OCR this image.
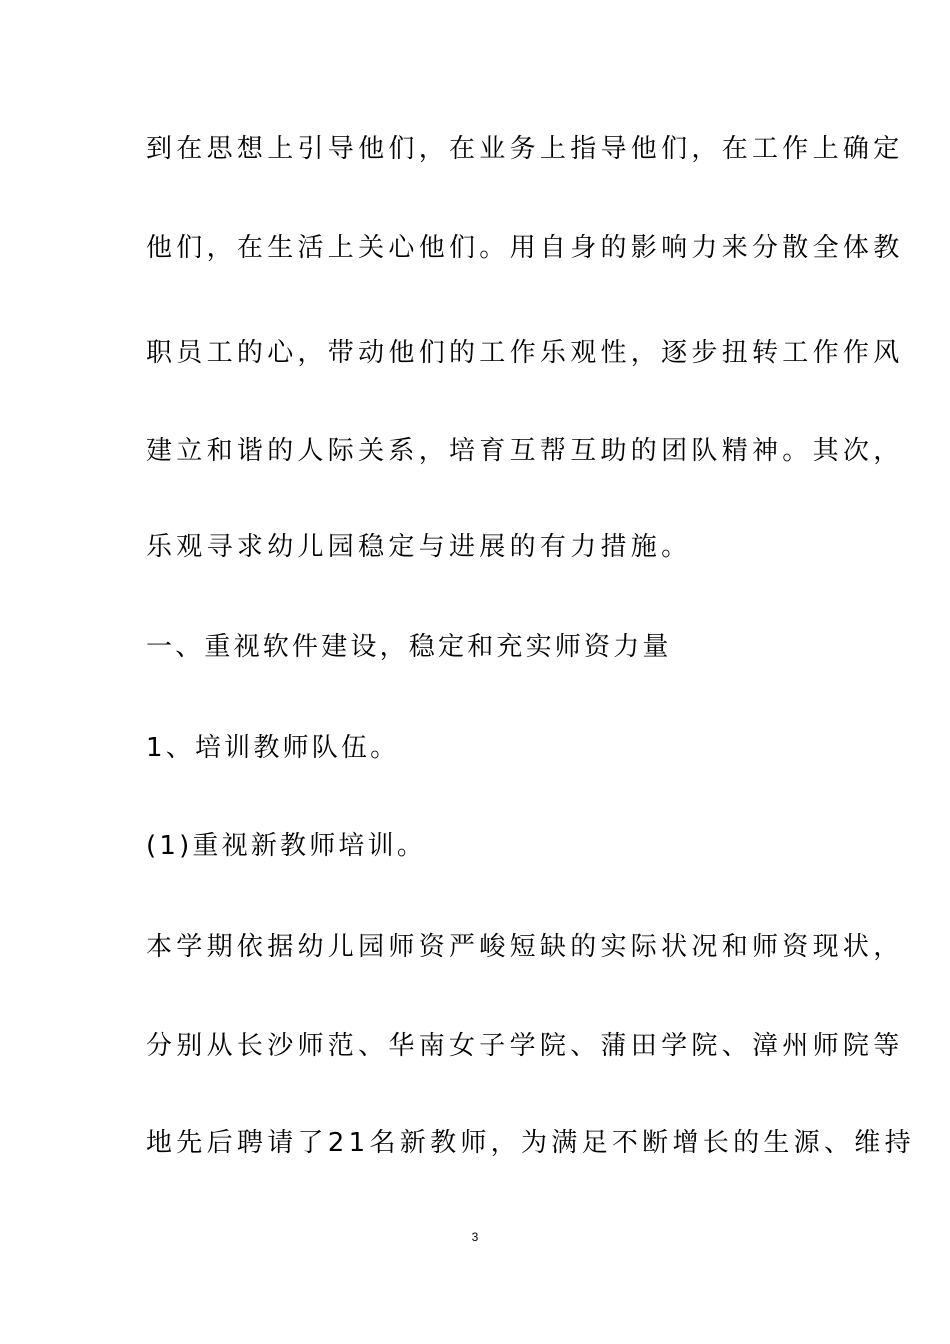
到在思想上引导他们，在业务上指导他们，在工作上确定
他们，在生活上关心他们。用自身的影响力来分散全体教
职员工的心，带动他们的工作乐观性，逐步扭转工作作风
建立和谐的人际关系，培育互帮互助的团队精神。其次，
乐观寻求幼儿园稳定与进展的有力措施。
一、重视软件建设，稳定和充实师资力量
1、培训教师队伍。
(1)重视新教师培训。
本学期依据幼儿园师资严峻短缺的实际状况和师资现状，
分别从长沙师范、华南女子学院、蒲田学院、漳州师院等
地先后聘请了21名新教师，为满足不断增长的生源、维持
3
